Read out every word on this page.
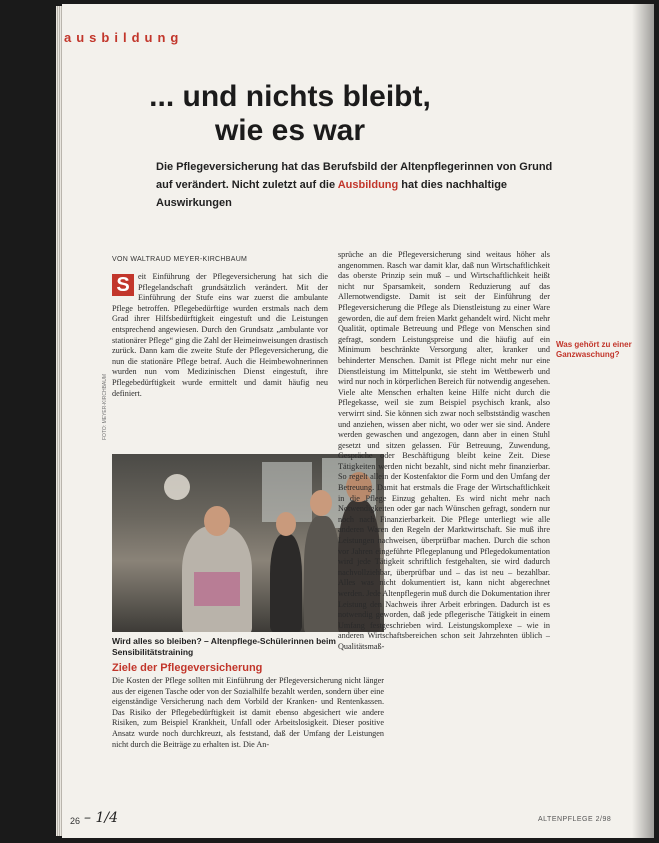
ausbildung
... und nichts bleibt,
wie es war
Die Pflegeversicherung hat das Berufsbild der Altenpflegerinnen von Grund auf verändert. Nicht zuletzt auf die Ausbildung hat dies nachhaltige Auswirkungen
VON WALTRAUD MEYER-KIRCHBAUM
S	eit Einführung der Pflegeversicherung hat sich die Pflegelandschaft grundsätzlich verändert. Mit der Einführung der Stufe eins war zuerst die ambulante Pflege betroffen. Pflegebedürftige wurden erstmals nach dem Grad ihrer Hilfsbedürftigkeit eingestuft und die Leistungen entsprechend angewiesen. Durch den Grundsatz „ambulante vor stationärer Pflege“ ging die Zahl der Heimeinweisungen drastisch zurück. Dann kam die zweite Stufe der Pflegeversicherung, die nun die stationäre Pflege betraf. Auch die Heimbewohnerinnen wurden nun vom Medizinischen Dienst eingestuft, ihre Pflegebedürftigkeit wurde ermittelt und damit häufig neu definiert.

FOTO: MEYER-KIRCHBAUM
Wird alles so bleiben? – Altenpflege-Schülerinnen beim Sensibilitätstraining
Ziele der Pflegeversicherung

Die Kosten der Pflege sollten mit Einführung der Pflegeversicherung nicht länger aus der eigenen Tasche oder von der Sozialhilfe bezahlt werden, sondern über eine eigenständige Versicherung nach dem Vorbild der Kranken- und Rentenkassen. Das Risiko der Pflegebedürftigkeit ist damit ebenso abgesichert wie andere Risiken, zum Beispiel Krankheit, Unfall oder Arbeitslosigkeit. Dieser positive Ansatz wurde noch durchkreuzt, als feststand, daß der Umfang der Leistungen nicht durch die Beiträge zu erhalten ist. Die An-

sprüche an die Pflegeversicherung sind weitaus höher als angenommen. Rasch war damit klar, daß nun Wirtschaftlichkeit das oberste Prinzip sein muß – und Wirtschaftlichkeit heißt nicht nur Sparsamkeit, sondern Reduzierung auf das Allernotwendigste. Damit ist seit der Einführung der Pflegeversicherung die Pflege als Dienstleistung zu einer Ware geworden, die auf dem freien Markt gehandelt wird. Nicht mehr Qualität, optimale Betreuung und Pflege von Menschen sind gefragt, sondern Leistungspreise und die häufig auf ein Minimum beschränkte Versorgung alter, kranker und behinderter Menschen. Damit ist Pflege nicht mehr nur eine Dienstleistung im Mittelpunkt, sie steht im Wettbewerb und wird nur noch in körperlichen Bereich für notwendig angesehen. Viele alte Menschen erhalten keine Hilfe nicht durch die Pflegekasse, weil sie zum Beispiel psychisch krank, also verwirrt sind. Sie können sich zwar noch selbstständig waschen und anziehen, wissen aber nicht, wo oder wer sie sind. Andere werden gewaschen und angezogen, dann aber in einen Stuhl gesetzt und sitzen gelassen. Für Betreuung, Zuwendung, Gespräche oder Beschäftigung bleibt keine Zeit. Diese Tätigkeiten werden nicht bezahlt, sind nicht mehr finanzierbar. So regelt allein der Kostenfaktor die Form und den Umfang der Betreuung. Damit hat erstmals die Frage der Wirtschaftlichkeit in die Pflege Einzug gehalten. Es wird nicht mehr nach Notwendigkeiten oder gar nach Wünschen gefragt, sondern nur noch nach Finanzierbarkeit. Die Pflege unterliegt wie alle anderen Waren den Regeln der Marktwirtschaft. Sie muß ihre Leistungen nachweisen, überprüfbar machen. Durch die schon vor Jahren eingeführte Pflegeplanung und Pflegedokumentation wird jede Tätigkeit schriftlich festgehalten, sie wird dadurch nachvollziehbar, überprüfbar und – das ist neu – bezahlbar. Alles was nicht dokumentiert ist, kann nicht abgerechnet werden. Jede Altenpflegerin muß durch die Dokumentation ihrer Leistung den Nachweis ihrer Arbeit erbringen. Dadurch ist es notwendig geworden, daß jede pflegerische Tätigkeit in einem Umfang festgeschrieben wird. Leistungskomplexe – wie in anderen Wirtschaftsbereichen schon seit Jahrzehnten üblich – Qualitätsmaß-

Was gehört zu einer Ganzwaschung?
26 – 1/4	ALTENPFLEGE 2/98
